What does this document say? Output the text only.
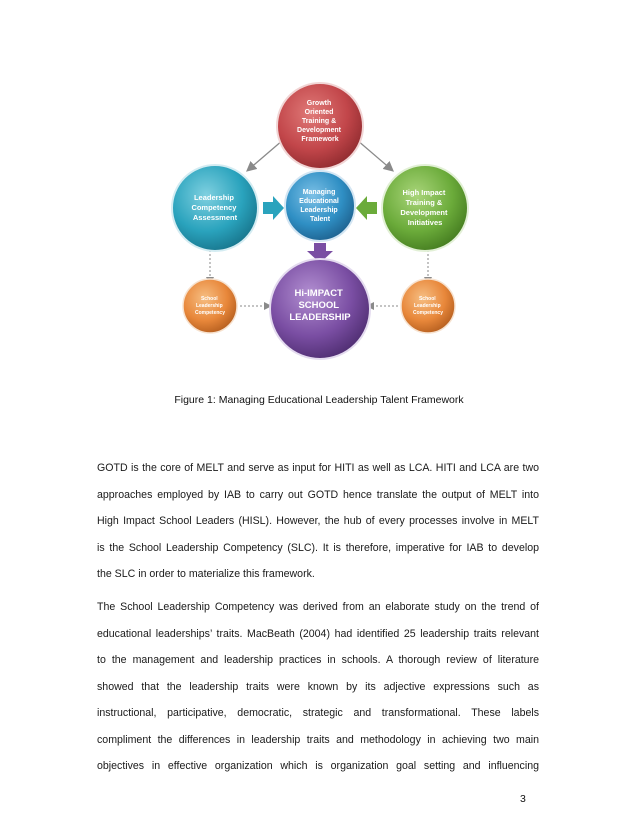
Growth Oriented Training & Development Framework
Leadership Competency Assessment
Managing Educational Leadership Talent
High Impact Training & Development Initiatives
Hi-IMPACT SCHOOL LEADERSHIP
School Leadership Competency
School Leadership Competency
Figure 1: Managing Educational Leadership Talent Framework
GOTD is the core of MELT and serve as input for HITI as well as LCA. HITI and LCA are two
approaches employed by IAB to carry out GOTD hence translate the output of MELT into
High Impact School Leaders (HISL). However, the hub of every processes involve in MELT
is the School Leadership Competency (SLC). It is therefore, imperative for IAB to develop
the SLC in order to materialize this framework.
The School Leadership Competency was derived from an elaborate study on the trend of
educational leaderships’ traits. MacBeath (2004) had identified 25 leadership traits relevant
to the management and leadership practices in schools. A thorough review of literature
showed that the leadership traits were known by its adjective expressions such as
instructional, participative, democratic, strategic and transformational. These labels
compliment the differences in leadership traits and methodology in achieving two main
objectives in effective organization which is organization goal setting and influencing
3
